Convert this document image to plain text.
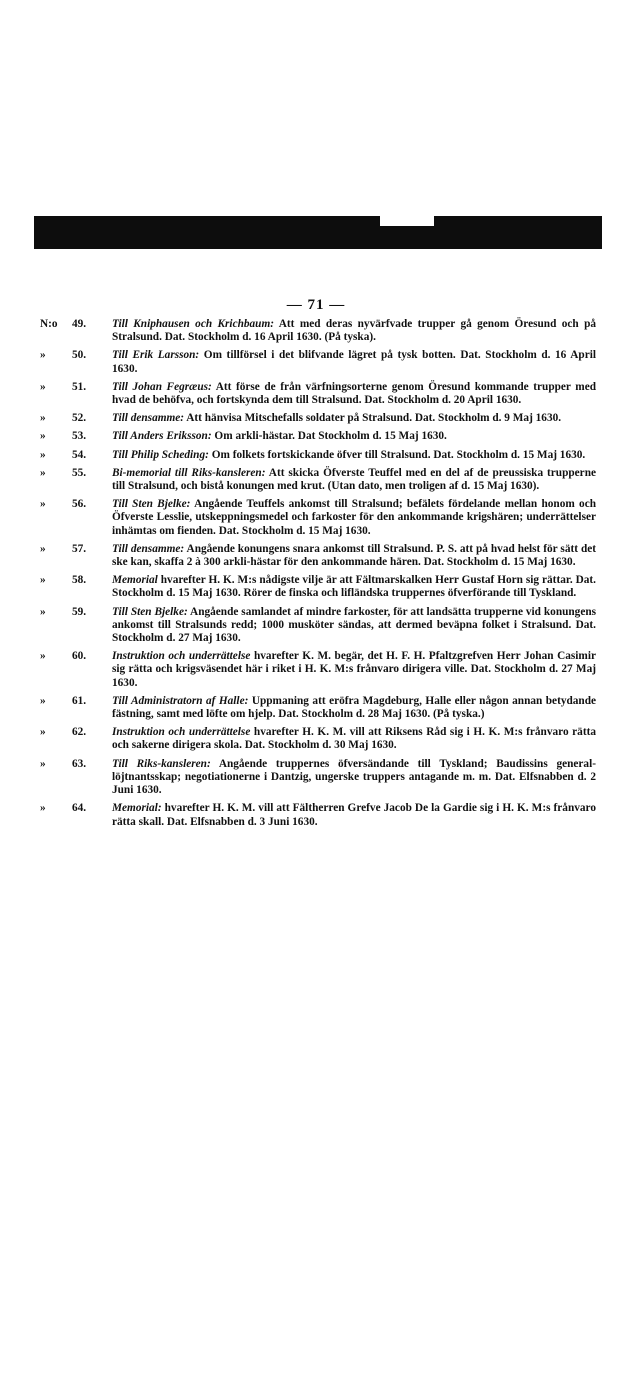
— 71 —
N:o 49.	Till Kniphausen och Krichbaum: Att med deras nyvärfvade trupper gå genom Öresund och på Stralsund. Dat. Stockholm d. 16 April 1630. (På tyska).
» 50.	Till Erik Larsson: Om tillförsel i det blifvande lägret på tysk botten. Dat. Stockholm d. 16 April 1630.
» 51.	Till Johan Fegræus: Att förse de från värfningsorterne genom Öresund kommande trupper med hvad de behöfva, och fortskynda dem till Stralsund. Dat. Stockholm d. 20 April 1630.
» 52.	Till densamme: Att hänvisa Mitschefalls soldater på Stralsund. Dat. Stockholm d. 9 Maj 1630.
» 53.	Till Anders Eriksson: Om arkli-hästar. Dat Stockholm d. 15 Maj 1630.
» 54.	Till Philip Scheding: Om folkets fortskickande öfver till Stralsund. Dat. Stockholm d. 15 Maj 1630.
» 55.	Bi-memorial till Riks-kansleren: Att skicka Öfverste Teuffel med en del af de preussiska trupperne till Stralsund, och bistå konungen med krut. (Utan dato, men troligen af d. 15 Maj 1630).
» 56.	Till Sten Bjelke: Angående Teuffels ankomst till Stralsund; befälets fördelande mellan honom och Öfverste Lesslie, utskeppningsmedel och farkoster för den ankommande krigshären; underrättelser inhämtas om fienden. Dat. Stockholm d. 15 Maj 1630.
» 57.	Till densamme: Angående konungens snara ankomst till Stralsund. P. S. att på hvad helst för sätt det ske kan, skaffa 2 à 300 arkli-hästar för den ankommande hären. Dat. Stockholm d. 15 Maj 1630.
» 58.	Memorial hvarefter H. K. M:s nådigste vilje är att Fältmarskalken Herr Gustaf Horn sig rättar. Dat. Stockholm d. 15 Maj 1630. Rörer de finska och lifländska truppernes öfverförande till Tyskland.
» 59.	Till Sten Bjelke: Angående samlandet af mindre farkoster, för att landsätta trupperne vid konungens ankomst till Stralsunds redd; 1000 musköter sändas, att dermed beväpna folket i Stralsund. Dat. Stockholm d. 27 Maj 1630.
» 60.	Instruktion och underrättelse hvarefter K. M. begär, det H. F. H. Pfaltzgrefven Herr Johan Casimir sig rätta och krigsväsendet här i riket i H. K. M:s frånvaro dirigera ville. Dat. Stockholm d. 27 Maj 1630.
» 61.	Till Administratorn af Halle: Uppmaning att eröfra Magdeburg, Halle eller någon annan betydande fästning, samt med löfte om hjelp. Dat. Stockholm d. 28 Maj 1630. (På tyska.)
» 62.	Instruktion och underrättelse hvarefter H. K. M. vill att Riksens Råd sig i H. K. M:s frånvaro rätta och sakerne dirigera skola. Dat. Stockholm d. 30 Maj 1630.
» 63.	Till Riks-kansleren: Angående truppernes öfversändande till Tyskland; Baudissins general-löjtnantsskap; negotiationerne i Dantzig, ungerske truppers antagande m. m. Dat. Elfsnabben d. 2 Juni 1630.
» 64.	Memorial: hvarefter H. K. M. vill att Fältherren Grefve Jacob De la Gardie sig i H. K. M:s frånvaro rätta skall. Dat. Elfsnabben d. 3 Juni 1630.
